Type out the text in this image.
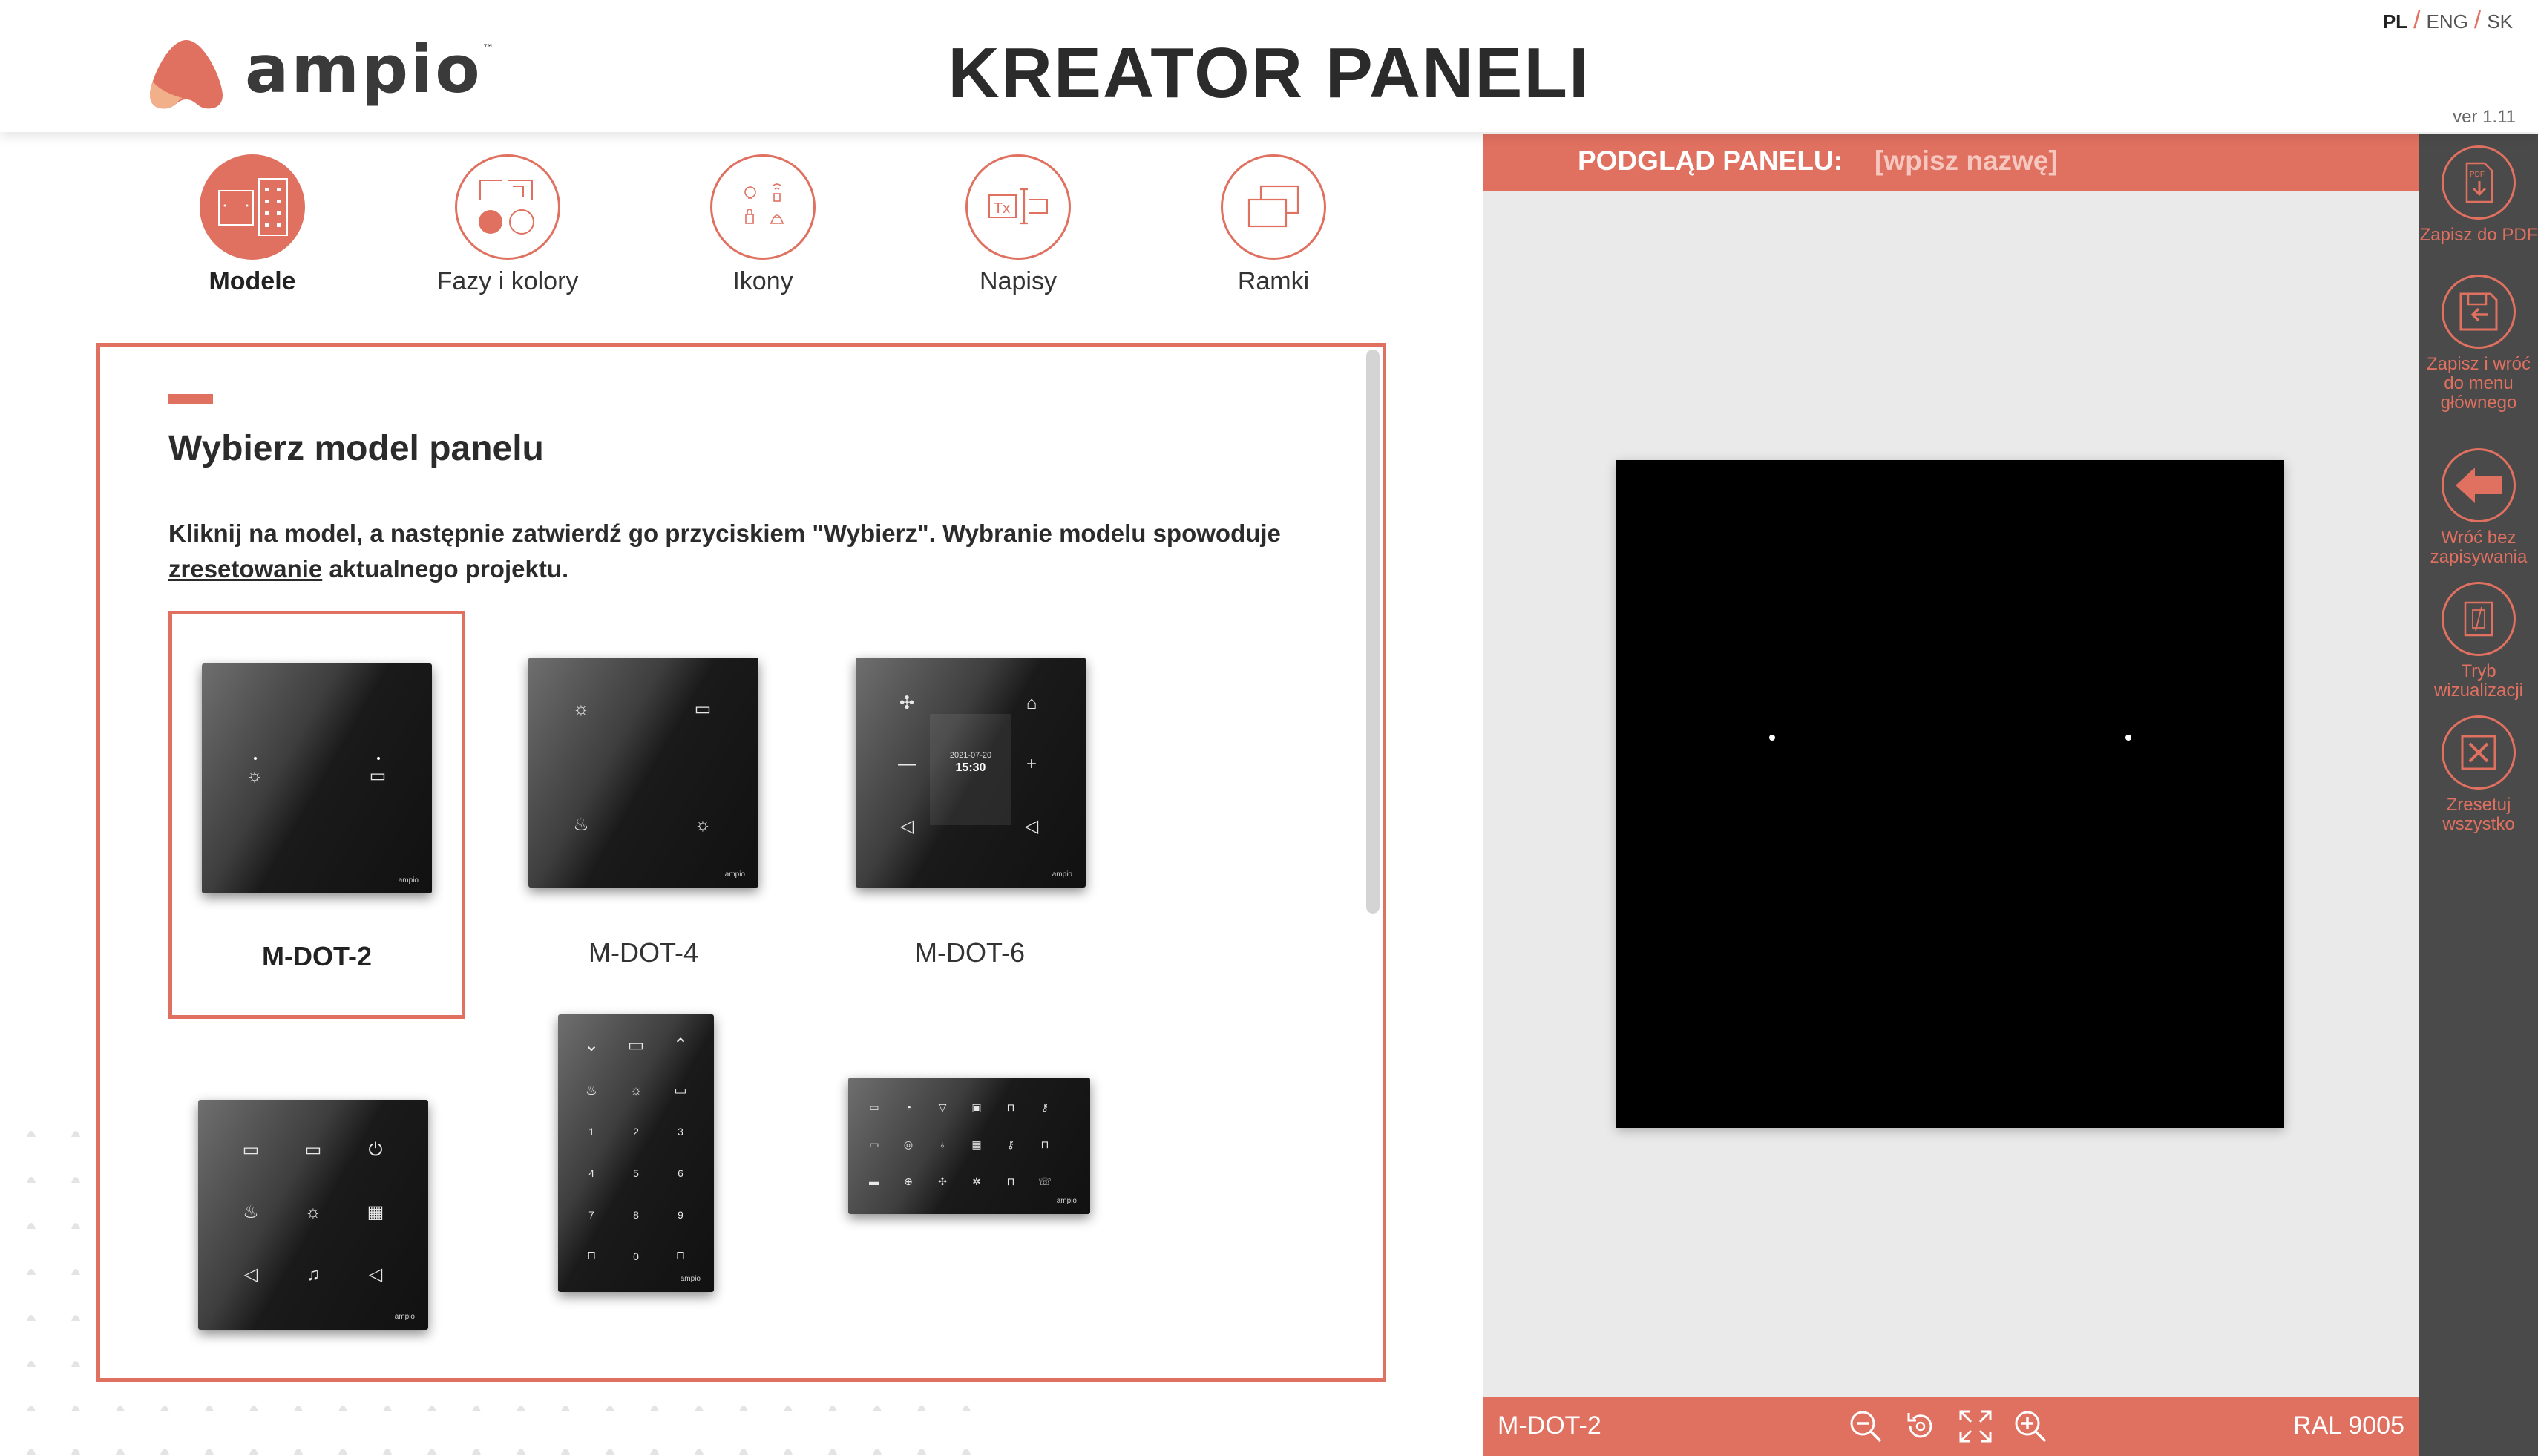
ampio™	KREATOR PANELI
PL / ENG / SK
ver 1.11
Modele	Fazy i kolory	Ikony
Tx
Napisy	Ramki
Wybierz model panelu
Kliknij na model, a następnie zatwierdź go przyciskiem "Wybierz". Wybranie modelu spowoduje zresetowanie aktualnego projektu.
☼	▭
ampio
M-DOT-2
☼	▭
♨	☼
ampio
M-DOT-4
✣	⌂
—	+
◁	◁
2021-07-20
15:30
ampio
M-DOT-6
▭	▭	⏻
♨	☼	▦
◁	♫	◁
ampio
⌄ ▭ ⌃
♨	☼	▭
1	2	3
4	5	6
7	8	9
⊓	0	⊓
ampio
▭	◔	▽	▣	⊓	⚷
▭	◎	♁	▦	⚷	⊓
▬	⊕	✣	✲	⊓	☏
ampio
PODGLĄD PANELU: [wpisz nazwę]
M-DOT-2	RAL 9005
PDF
Zapisz do PDF
Zapisz i wróć do menu głównego
Wróć bez zapisywania
Tryb wizualizacji
Zresetuj wszystko
